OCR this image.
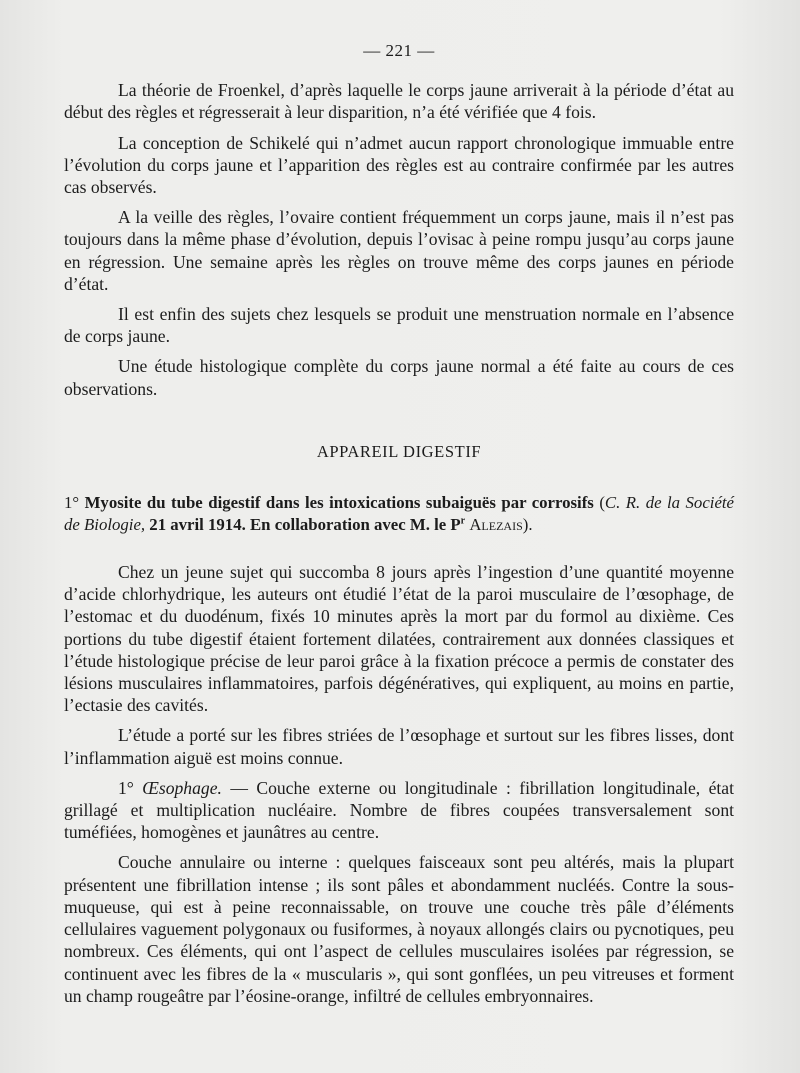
— 221 —

La théorie de Froenkel, d’après laquelle le corps jaune arriverait à la période d’état au début des règles et régresserait à leur disparition, n’a été vérifiée que 4 fois.

La conception de Schikelé qui n’admet aucun rapport chronologique immuable entre l’évolution du corps jaune et l’apparition des règles est au contraire confirmée par les autres cas observés.

A la veille des règles, l’ovaire contient fréquemment un corps jaune, mais il n’est pas toujours dans la même phase d’évolution, depuis l’ovisac à peine rompu jusqu’au corps jaune en régression. Une semaine après les règles on trouve même des corps jaunes en période d’état.

Il est enfin des sujets chez lesquels se produit une menstruation normale en l’absence de corps jaune.

Une étude histologique complète du corps jaune normal a été faite au cours de ces observations.

APPAREIL DIGESTIF

1° Myosite du tube digestif dans les intoxications subaiguës par corrosifs (C. R. de la Société de Biologie, 21 avril 1914. En collaboration avec M. le $P^r$ Alezais).

Chez un jeune sujet qui succomba 8 jours après l’ingestion d’une quantité moyenne d’acide chlorhydrique, les auteurs ont étudié l’état de la paroi musculaire de l’œsophage, de l’estomac et du duodénum, fixés 10 minutes après la mort par du formol au dixième. Ces portions du tube digestif étaient fortement dilatées, contrairement aux données classiques et l’étude histologique précise de leur paroi grâce à la fixation précoce a permis de constater des lésions musculaires inflammatoires, parfois dégénératives, qui expliquent, au moins en partie, l’ectasie des cavités.

L’étude a porté sur les fibres striées de l’œsophage et surtout sur les fibres lisses, dont l’inflammation aiguë est moins connue.

1° Œsophage. — Couche externe ou longitudinale : fibrillation longitudinale, état grillagé et multiplication nucléaire. Nombre de fibres coupées transversalement sont tuméfiées, homogènes et jaunâtres au centre.

Couche annulaire ou interne : quelques faisceaux sont peu altérés, mais la plupart présentent une fibrillation intense ; ils sont pâles et abondamment nucléés. Contre la sous-muqueuse, qui est à peine reconnaissable, on trouve une couche très pâle d’éléments cellulaires vaguement polygonaux ou fusiformes, à noyaux allongés clairs ou pycnotiques, peu nombreux. Ces éléments, qui ont l’aspect de cellules musculaires isolées par régression, se continuent avec les fibres de la « muscularis », qui sont gonflées, un peu vitreuses et forment un champ rougeâtre par l’éosine-orange, infiltré de cellules embryonnaires.
